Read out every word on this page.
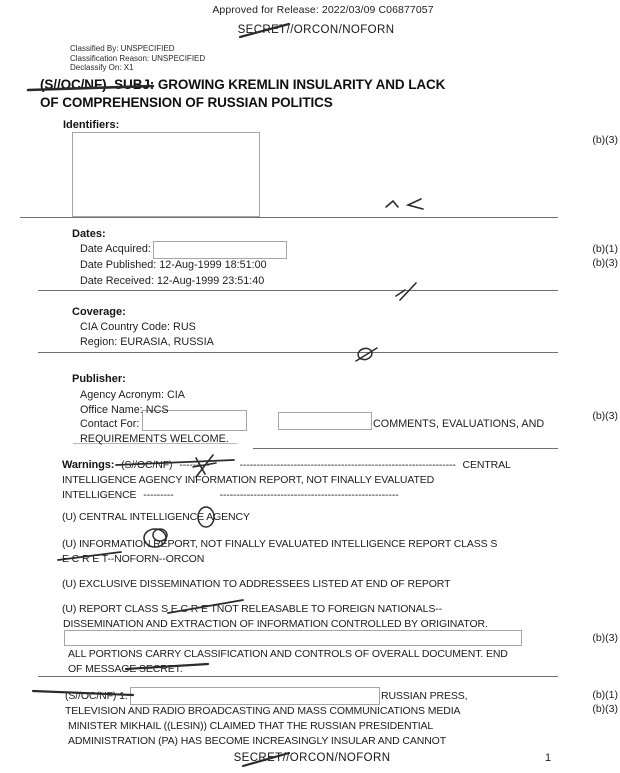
Approved for Release: 2022/03/09 C06877057
SECRET//ORCON/NOFORN
Classified By: UNSPECIFIED
Classification Reason: UNSPECIFIED
Declassify On: X1
(S//OC/NF) SUBJ: GROWING KREMLIN INSULARITY AND LACK
OF COMPREHENSION OF RUSSIAN POLITICS
Identifiers:
(b)(3)
Dates:
Date Acquired:
Date Published: 12-Aug-1999 18:51:00
Date Received: 12-Aug-1999 23:51:40
(b)(1)
(b)(3)
Coverage:
CIA Country Code: RUS
Region: EURASIA, RUSSIA
Publisher:
Agency Acronym: CIA
Office Name: NCS
Contact For:	COMMENTS, EVALUATIONS, AND
REQUIREMENTS WELCOME.
(b)(3)
Warnings: (S//OC/NF) ---------	---------------------------------------------------------------- CENTRAL
INTELLIGENCE AGENCY INFORMATION REPORT, NOT FINALLY EVALUATED
INTELLIGENCE ---------	-----------------------------------------------------
(U) CENTRAL INTELLIGENCE AGENCY
(U) INFORMATION REPORT, NOT FINALLY EVALUATED INTELLIGENCE REPORT CLASS S
E C R E T--NOFORN--ORCON
(U) EXCLUSIVE DISSEMINATION TO ADDRESSEES LISTED AT END OF REPORT
(U) REPORT CLASS S E C R E TNOT RELEASABLE TO FOREIGN NATIONALS--
DISSEMINATION AND EXTRACTION OF INFORMATION CONTROLLED BY ORIGINATOR.
(b)(3)
ALL PORTIONS CARRY CLASSIFICATION AND CONTROLS OF OVERALL DOCUMENT. END
OF MESSAGE SECRET.
(S//OC/NF) 1.	RUSSIAN PRESS,
TELEVISION AND RADIO BROADCASTING AND MASS COMMUNICATIONS MEDIA
MINISTER MIKHAIL ((LESIN)) CLAIMED THAT THE RUSSIAN PRESIDENTIAL
ADMINISTRATION (PA) HAS BECOME INCREASINGLY INSULAR AND CANNOT
(b)(1)
(b)(3)
SECRET//ORCON/NOFORN	1
